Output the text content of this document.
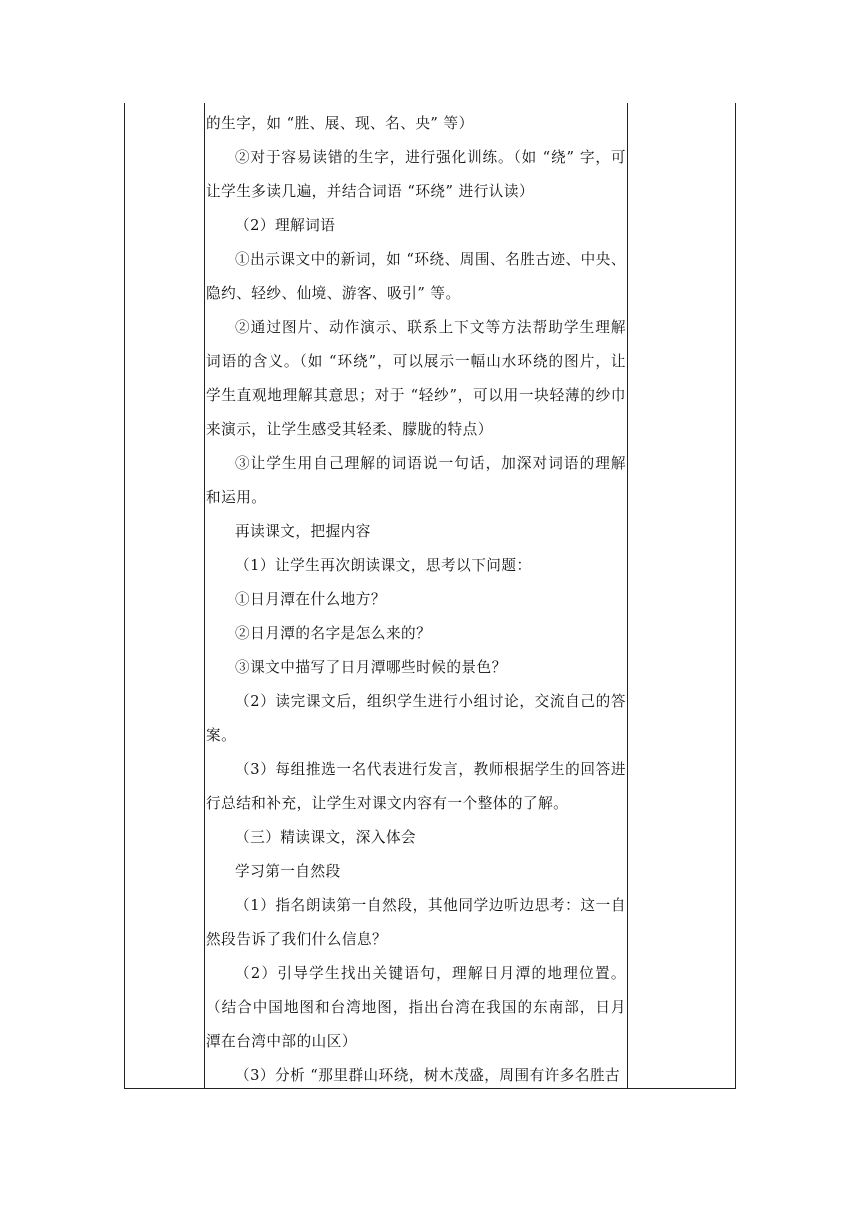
的生字，如 “胜、展、现、名、央” 等）

②对于容易读错的生字，进行强化训练。（如 “绕” 字，可让学生多读几遍，并结合词语 “环绕” 进行认读）

（2）理解词语

①出示课文中的新词，如 “环绕、周围、名胜古迹、中央、隐约、轻纱、仙境、游客、吸引” 等。

②通过图片、动作演示、联系上下文等方法帮助学生理解词语的含义。（如 “环绕”，可以展示一幅山水环绕的图片，让学生直观地理解其意思；对于 “轻纱”，可以用一块轻薄的纱巾来演示，让学生感受其轻柔、朦胧的特点）

③让学生用自己理解的词语说一句话，加深对词语的理解和运用。

再读课文，把握内容

（1）让学生再次朗读课文，思考以下问题：

①日月潭在什么地方？

②日月潭的名字是怎么来的？

③课文中描写了日月潭哪些时候的景色？

（2）读完课文后，组织学生进行小组讨论，交流自己的答案。

（3）每组推选一名代表进行发言，教师根据学生的回答进行总结和补充，让学生对课文内容有一个整体的了解。

（三）精读课文，深入体会

学习第一自然段

（1）指名朗读第一自然段，其他同学边听边思考：这一自然段告诉了我们什么信息？

（2）引导学生找出关键语句，理解日月潭的地理位置。（结合中国地图和台湾地图，指出台湾在我国的东南部，日月潭在台湾中部的山区）

（3）分析 “那里群山环绕，树木茂盛，周围有许多名胜古
